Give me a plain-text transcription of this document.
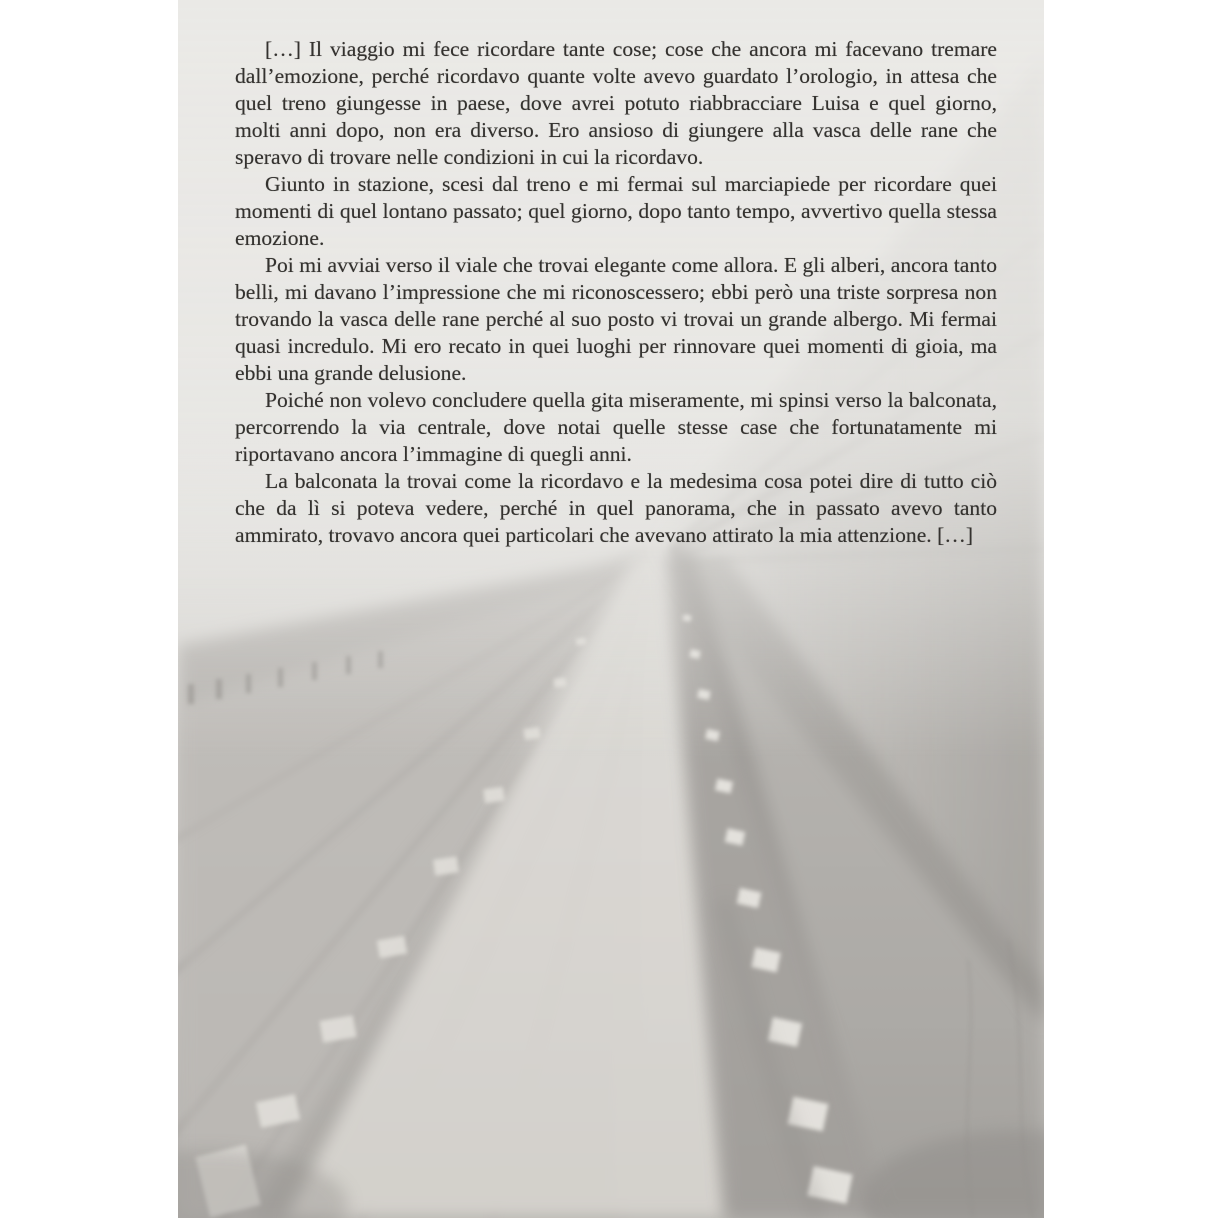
[…] Il viaggio mi fece ricordare tante cose; cose che ancora mi facevano tremare dall’emozione, perché ricordavo quante volte avevo guardato l’orologio, in attesa che quel treno giungesse in paese, dove avrei potuto riabbracciare Luisa e quel giorno, molti anni dopo, non era diverso. Ero ansioso di giungere alla vasca delle rane che speravo di trovare nelle condizioni in cui la ricordavo.

Giunto in stazione, scesi dal treno e mi fermai sul marciapiede per ricordare quei momenti di quel lontano passato; quel giorno, dopo tanto tempo, avvertivo quella stessa emozione.

Poi mi avviai verso il viale che trovai elegante come allora. E gli alberi, ancora tanto belli, mi davano l’impressione che mi riconoscessero; ebbi però una triste sorpresa non trovando la vasca delle rane perché al suo posto vi trovai un grande albergo. Mi fermai quasi incredulo. Mi ero recato in quei luoghi per rinnovare quei momenti di gioia, ma ebbi una grande delusione.

Poiché non volevo concludere quella gita miseramente, mi spinsi verso la balconata, percorrendo la via centrale, dove notai quelle stesse case che fortunatamente mi riportavano ancora l’immagine di quegli anni.

La balconata la trovai come la ricordavo e la medesima cosa potei dire di tutto ciò che da lì si poteva vedere, perché in quel panorama, che in passato avevo tanto ammirato, trovavo ancora quei particolari che avevano attirato la mia attenzione. […]
